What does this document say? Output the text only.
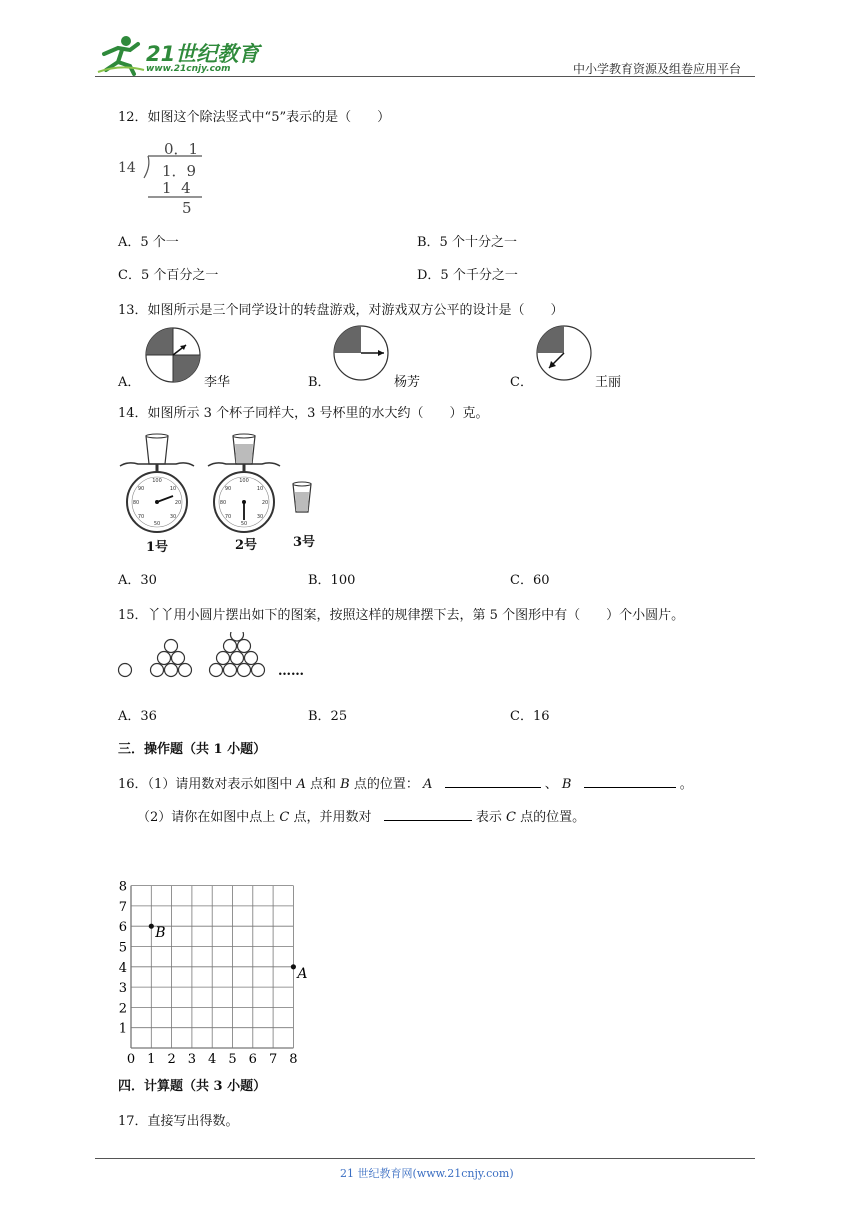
21世纪教育
www.21cnjy.com	中小学教育资源及组卷应用平台
12．如图这个除法竖式中“5”表示的是（　　）
0．1
14 1．9
1  4
5
A．5 个一	B．5 个十分之一
C．5 个百分之一	D．5 个千分之一
13．如图所示是三个同学设计的转盘游戏，对游戏双方公平的设计是（　　）
A．	李华	B．	杨芳	C．	王丽
14．如图所示 3 个杯子同样大，3 号杯里的水大约（　　）克。
100
10
20
30
50
70
80
90
100
10
20
30
50
70
80
90
1号	2号	3号
A．30	B．100	C．60
15．丫丫用小圆片摆出如下的图案，按照这样的规律摆下去，第 5 个图形中有（　　）个小圆片。
……
A．36	B．25	C．16
三．操作题（共 1 小题）
16．（1）请用数对表示如图中 A 点和 B 点的位置： A	、 B	。
（2）请你在如图中点上 C 点，并用数对	表示 C 点的位置。
0 1 2 3 4 5 6 7 8
1
2
3
4
5
6
7
8
A
B
四．计算题（共 3 小题）
17．直接写出得数。
21 世纪教育网(www.21cnjy.com)
